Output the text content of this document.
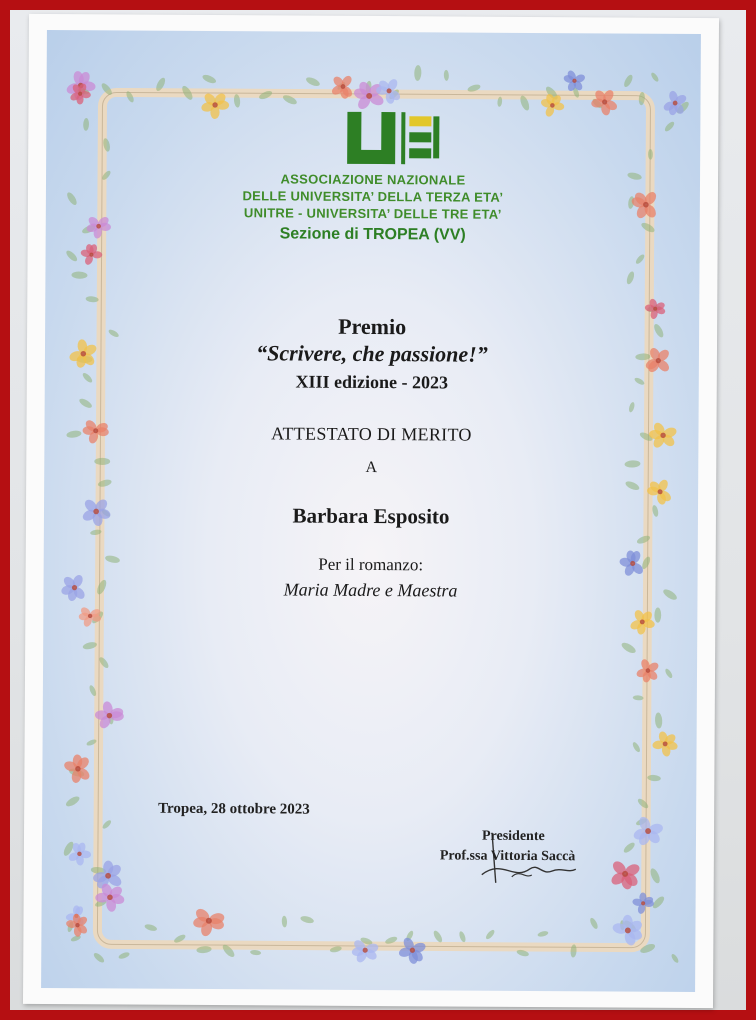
ASSOCIAZIONE NAZIONALE
DELLE UNIVERSITA’ DELLA TERZA ETA’
UNITRE - UNIVERSITA’ DELLE TRE ETA’
Sezione di TROPEA (VV)
Premio
“Scrivere, che passione!”
XIII edizione - 2023
ATTESTATO DI MERITO
A
Barbara Esposito
Per il romanzo:
Maria Madre e Maestra
Tropea, 28 ottobre 2023
Presidente
Prof.ssa Vittoria Saccà
